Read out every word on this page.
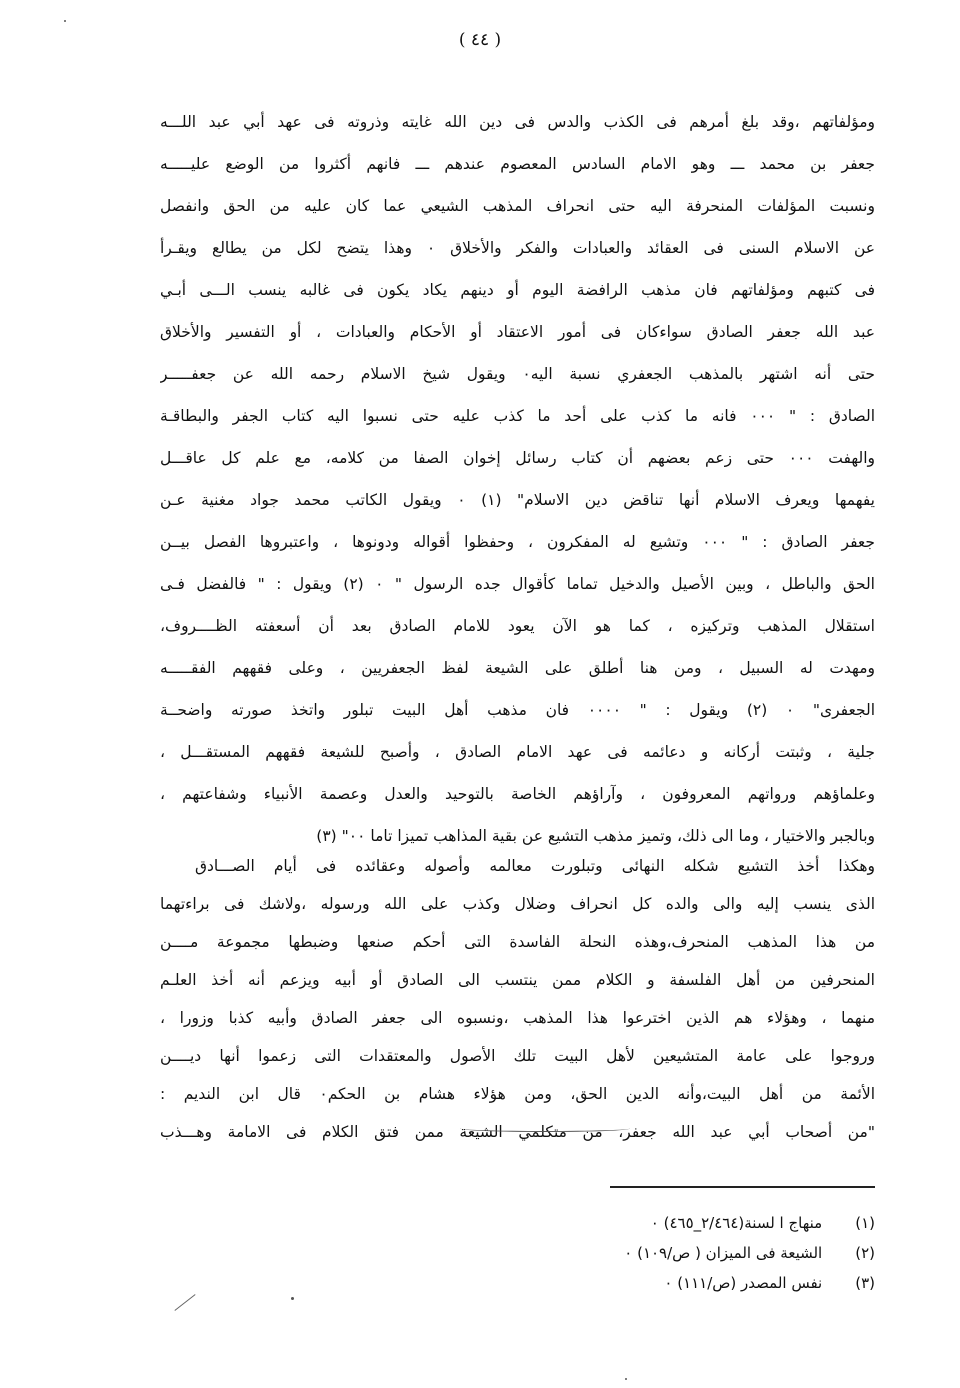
( ٤٤ )
ومؤلفاتهم ،وقد بلغ أمرهم فى الكذب والدس فى دين الله غايته وذروته فى عهد أبي عبد اللـــه
جعفر بن محمد ـــ وهو الامام السادس المعصوم عندهم ـــ فانهم أكثروا من الوضع عليـــــه
ونسبت المؤلفات المنحرفة اليه حتى انحراف المذهب الشيعي عما كان عليه من الحق وانفصل
عن الاسلام السنى فى العقائد والعبادات والفكر والأخلاق ٠ وهذا يتضح لكل من يطالع ويقـرأ
فى كتبهم ومؤلفاتهم فان مذهب الرافضة اليوم أو دينهم يكاد يكون فى غالبه ينسب الـــى أبـي
عبد الله جعفر الصادق سواءكان فى أمور الاعتقاد أو الأحكام والعبادات ، أو التفسير والأخلاق
حتى أنه اشتهر بالمذهب الجعفري نسبة اليه٠ ويقول شيخ الاسلام رحمه الله عن جعفـــــر
الصادق : " ٠٠٠ فانه ما كذب على أحد ما كذب عليه حتى نسبوا اليه كتاب الجفر والبطاقـة
والهفت ٠٠٠ حتى زعم بعضهم أن كتاب رسائل إخوان الصفا من كلامه، مع علم كل عاقـــل
يفهمها ويعرف الاسلام أنها تناقض دين الاسلام" (١) ٠ ويقول الكاتب محمد جواد مغنية عـن
جعفر الصادق : " ٠٠٠ وتشيع له المفكرون ، وحفظوا أقواله ودونوها ، واعتبروها الفصل بيــن
الحق والباطل ، وبين الأصيل والدخيل تماما كأقوال جده الرسول " ٠ (٢) ويقول : " فالفضل فـى
استقلال المذهب وتركيزه ، كما هو الآن يعود للامام الصادق بعد أن أسعفته الظــــروف،
ومهدت له السبيل ، ومن هنا أطلق على الشيعة لفظ الجعفريين ، وعلى فقههم الفقـــــه
الجعفرى" ٠ (٢) ويقول : " ٠٠٠٠ فان مذهب أهل البيت تبلور واتخذ صورته واضحــة
جلية ، وثبتت أركانه و دعائمه فى عهد الامام الصادق ، وأصبح للشيعة فقههم المستقـــل ،
وعلماؤهم ورواتهم المعروفون ، وآراؤهم الخاصة بالتوحيد والعدل وعصمة الأنبياء وشفاعتهم ،
وبالجبر والاختيار ، وما الى ذلك، وتميز مذهب التشيع عن بقية المذاهب تميزا تاما ٠٠" (٣)
وهكذا أخذ التشيع شكله النهائى وتبلورت معالمه وأصوله وعقائده فى أيام الصـــادق
الذى ينسب إليه والى والده كل انحراف وضلال وكذب على الله ورسوله ،ولاشك فى براءتهما
من هذا المذهب المنحرف،وهذه النحلة الفاسدة التى أحكم صنعها وضبطها مجموعة مــــن
المنحرفين من أهل الفلسفة و الكلام ممن ينتسب الى الصادق أو أبيه ويزعم أنه أخذ العلـم
منهما ، وهؤلاء هم الذين اخترعوا هذا المذهب ،ونسبوه الى جعفر الصادق وأبيه كذبا وزورا ،
وروجوا على عامة المتشيعين لأهل البيت تلك الأصول والمعتقدات التى زعموا أنها ديــــن
الأئمة من أهل البيت،وأنه الدين الحق، ومن هؤلاء هشام بن الحكم٠ قال ابن النديم :
"من أصحاب أبي عبد الله جعفر، من متكلمي الشيعة ممن فتق الكلام فى الامامة وهـــذب
(١) منهاج ا لسنة(٢/٤٦٤_٤٦٥) ٠
(٢) الشيعة فى الميزان ( ص/١٠٩) ٠
(٣) نفس المصدر (ص/١١١) ٠
